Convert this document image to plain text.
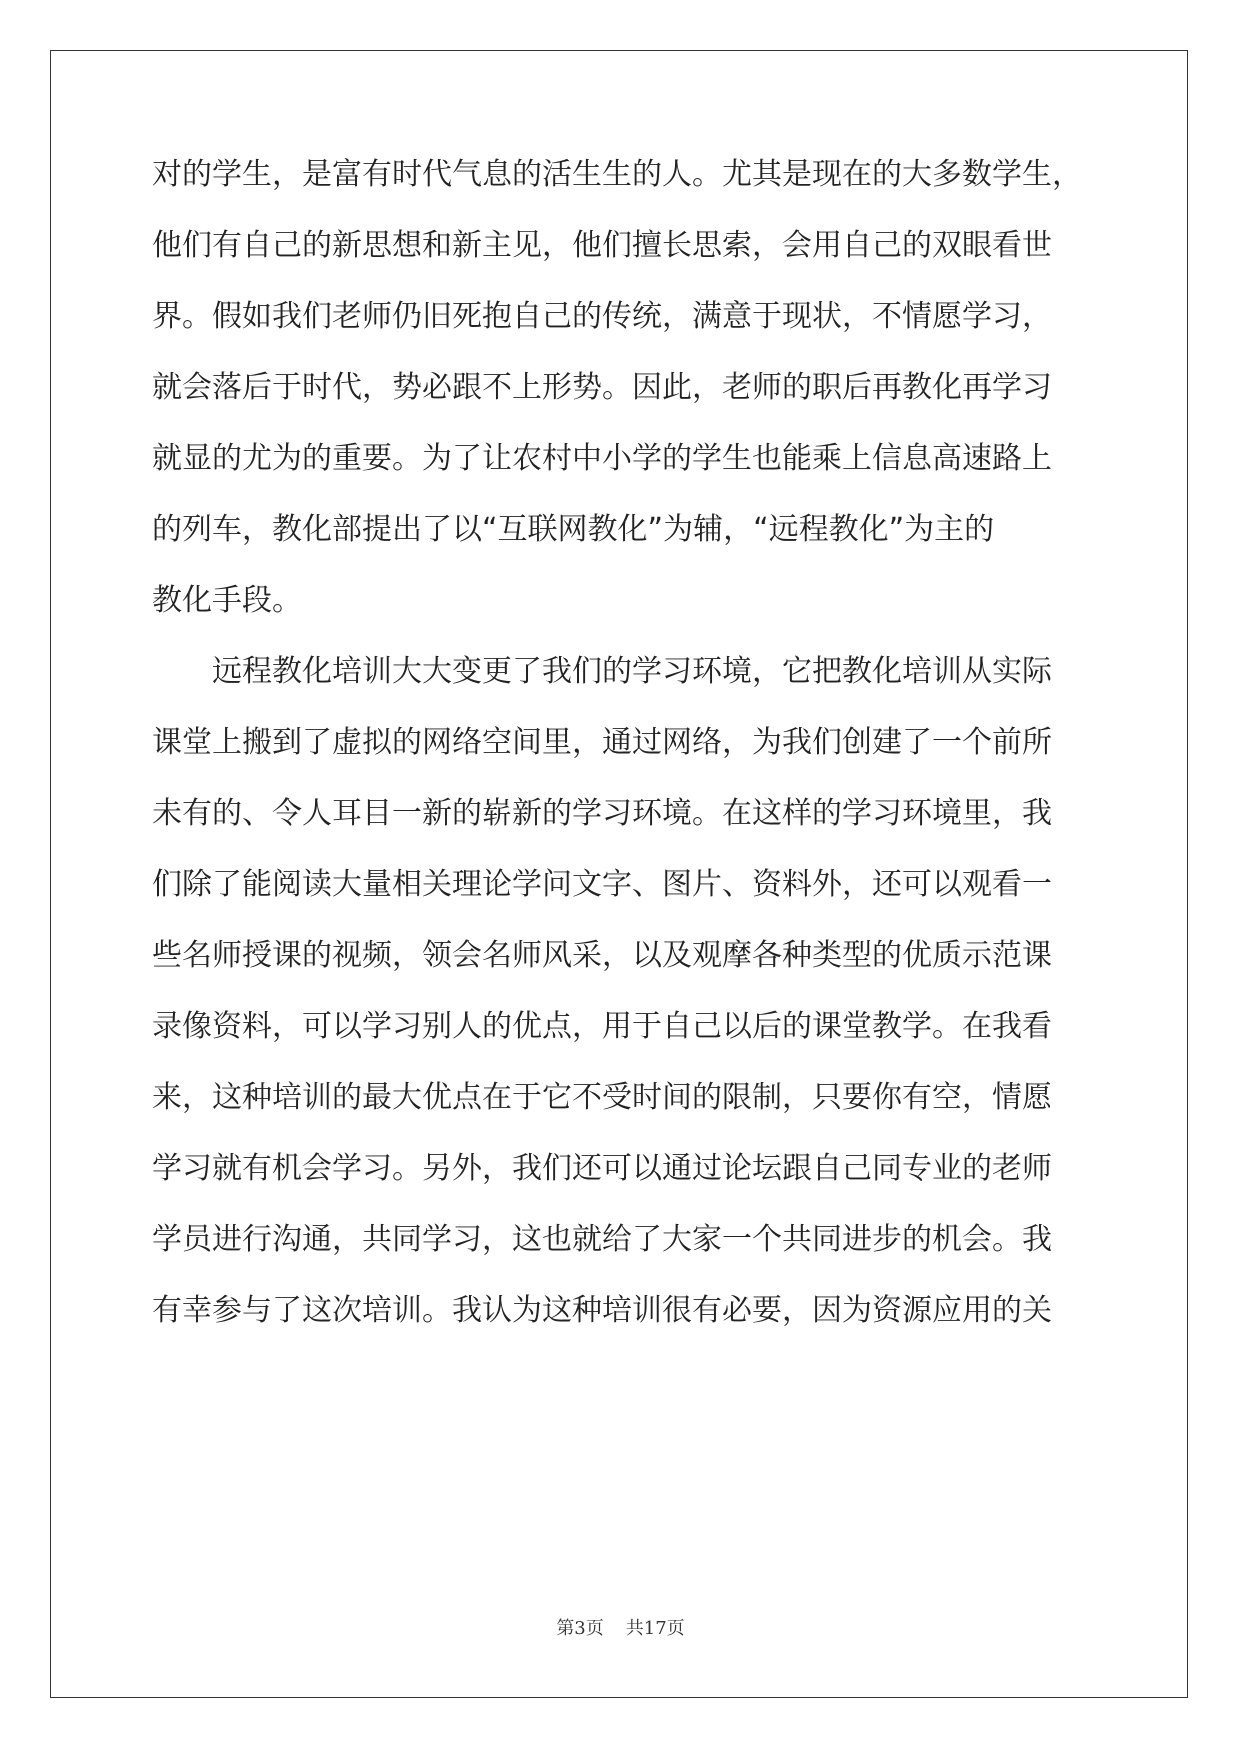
对的学生，是富有时代气息的活生生的人。尤其是现在的大多数学生，
他们有自己的新思想和新主见，他们擅长思索，会用自己的双眼看世
界。假如我们老师仍旧死抱自己的传统，满意于现状，不情愿学习，
就会落后于时代，势必跟不上形势。因此，老师的职后再教化再学习
就显的尤为的重要。为了让农村中小学的学生也能乘上信息高速路上
的列车，教化部提出了以“互联网教化”为辅，“远程教化”为主的
教化手段。
　　远程教化培训大大变更了我们的学习环境，它把教化培训从实际
课堂上搬到了虚拟的网络空间里，通过网络，为我们创建了一个前所
未有的、令人耳目一新的崭新的学习环境。在这样的学习环境里，我
们除了能阅读大量相关理论学问文字、图片、资料外，还可以观看一
些名师授课的视频，领会名师风采，以及观摩各种类型的优质示范课
录像资料，可以学习别人的优点，用于自己以后的课堂教学。在我看
来，这种培训的最大优点在于它不受时间的限制，只要你有空，情愿
学习就有机会学习。另外，我们还可以通过论坛跟自己同专业的老师
学员进行沟通，共同学习，这也就给了大家一个共同进步的机会。我
有幸参与了这次培训。我认为这种培训很有必要，因为资源应用的关
第3页 共17页
